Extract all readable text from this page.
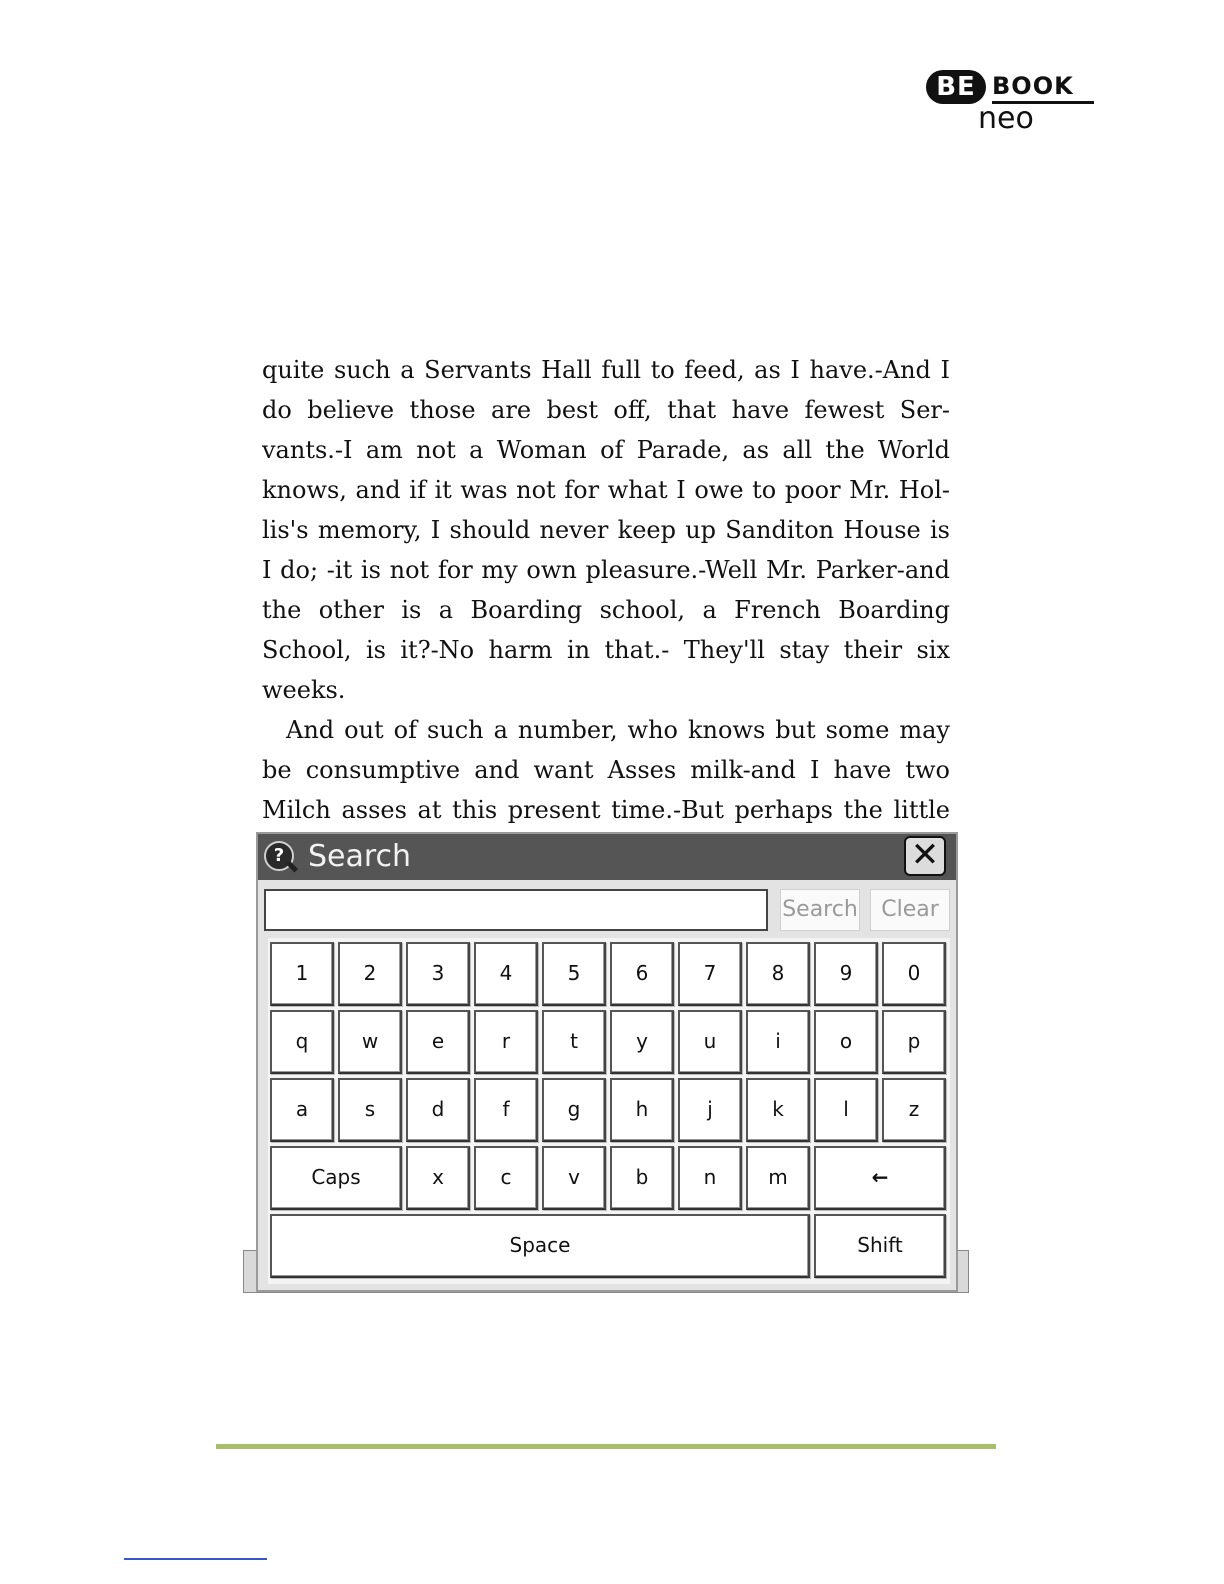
BE BOOK
neo
quite such a Servants Hall full to feed, as I have.-And I
do believe those are best off, that have fewest Ser-
vants.-I am not a Woman of Parade, as all the World
knows, and if it was not for what I owe to poor Mr. Hol-
lis's memory, I should never keep up Sanditon House is
I do; -it is not for my own pleasure.-Well Mr. Parker-and
the other is a Boarding school, a French Boarding
School, is it?-No harm in that.- They'll stay their six
weeks.
And out of such a number, who knows but some may
be consumptive and want Asses milk-and I have two
Milch asses at this present time.-But perhaps the little
? Search	✕
Search	Clear
1	2	3	4	5	6	7	8	9	0
q	w	e	r	t	y	u	i	o	p
a	s	d	f	g	h	j	k	l	z
Caps	x	c	v	b	n	m	←
Space	Shift
